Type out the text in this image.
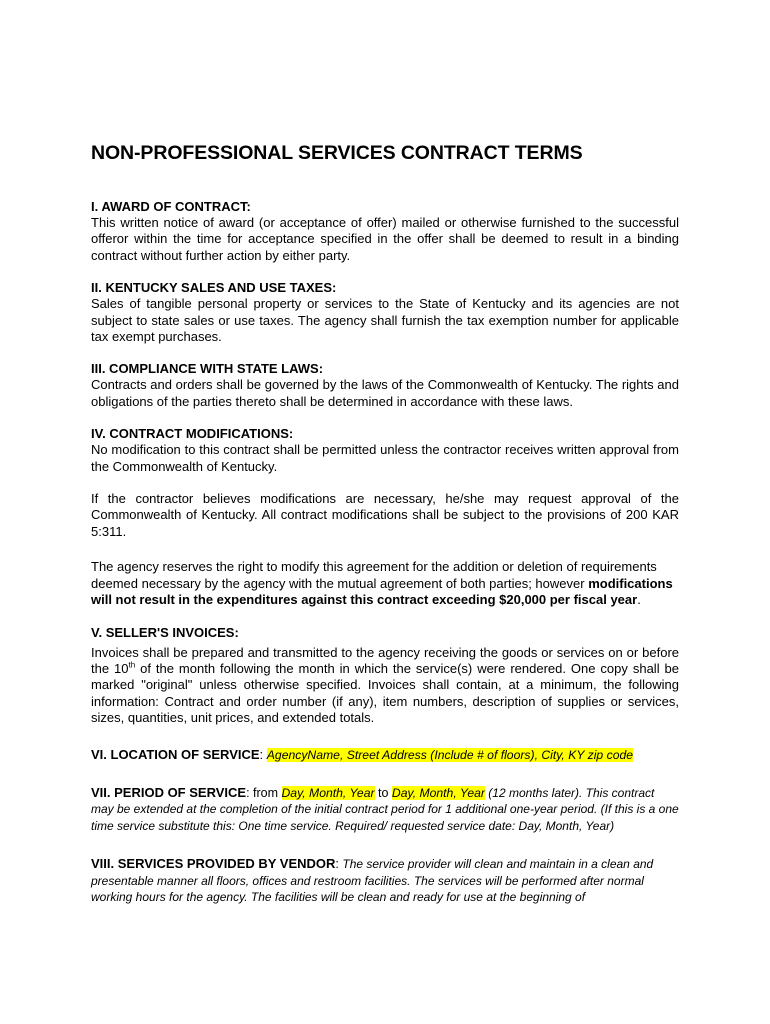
NON-PROFESSIONAL SERVICES CONTRACT TERMS
I. AWARD OF CONTRACT:
This written notice of award (or acceptance of offer) mailed or otherwise furnished to the successful offeror within the time for acceptance specified in the offer shall be deemed to result in a binding contract without further action by either party.
II. KENTUCKY SALES AND USE TAXES:
Sales of tangible personal property or services to the State of Kentucky and its agencies are not subject to state sales or use taxes. The agency shall furnish the tax exemption number for applicable tax exempt purchases.
III. COMPLIANCE WITH STATE LAWS:
Contracts and orders shall be governed by the laws of the Commonwealth of Kentucky. The rights and obligations of the parties thereto shall be determined in accordance with these laws.
IV. CONTRACT MODIFICATIONS:
No modification to this contract shall be permitted unless the contractor receives written approval from the Commonwealth of Kentucky.
If the contractor believes modifications are necessary, he/she may request approval of the Commonwealth of Kentucky. All contract modifications shall be subject to the provisions of 200 KAR 5:311.
The agency reserves the right to modify this agreement for the addition or deletion of requirements deemed necessary by the agency with the mutual agreement of both parties; however modifications will not result in the expenditures against this contract exceeding $20,000 per fiscal year.
V. SELLER'S INVOICES:
Invoices shall be prepared and transmitted to the agency receiving the goods or services on or before the 10th of the month following the month in which the service(s) were rendered. One copy shall be marked "original" unless otherwise specified. Invoices shall contain, at a minimum, the following information: Contract and order number (if any), item numbers, description of supplies or services, sizes, quantities, unit prices, and extended totals.
VI. LOCATION OF SERVICE: AgencyName, Street Address (Include # of floors), City, KY zip code
VII. PERIOD OF SERVICE: from Day, Month, Year to Day, Month, Year (12 months later). This contract may be extended at the completion of the initial contract period for 1 additional one-year period. (If this is a one time service substitute this: One time service. Required/ requested service date: Day, Month, Year)
VIII. SERVICES PROVIDED BY VENDOR: The service provider will clean and maintain in a clean and presentable manner all floors, offices and restroom facilities. The services will be performed after normal working hours for the agency. The facilities will be clean and ready for use at the beginning of
